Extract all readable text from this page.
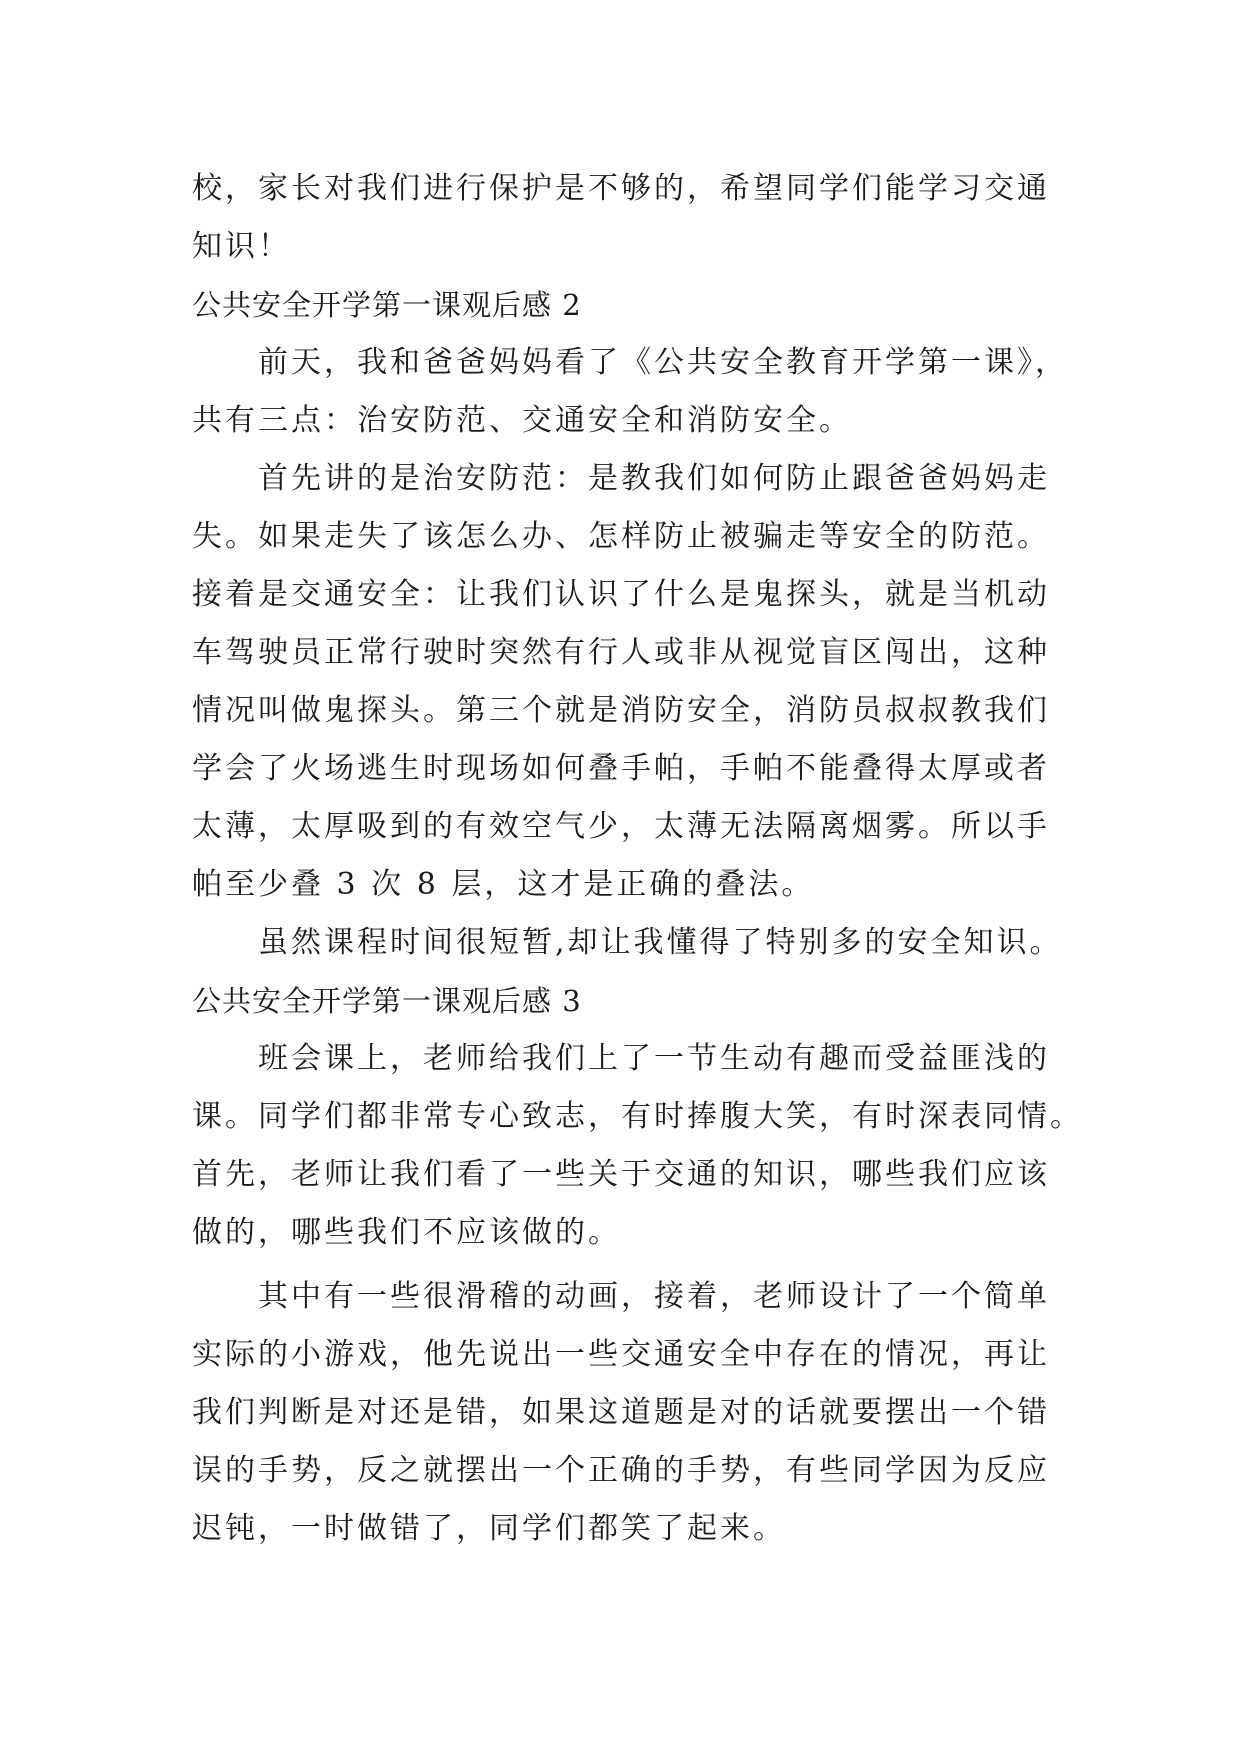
校，家长对我们进行保护是不够的，希望同学们能学习交通
知识！
公共安全开学第一课观后感 2
前天，我和爸爸妈妈看了《公共安全教育开学第一课》，
共有三点：治安防范、交通安全和消防安全。
首先讲的是治安防范：是教我们如何防止跟爸爸妈妈走
失。如果走失了该怎么办、怎样防止被骗走等安全的防范。
接着是交通安全：让我们认识了什么是鬼探头，就是当机动
车驾驶员正常行驶时突然有行人或非从视觉盲区闯出，这种
情况叫做鬼探头。第三个就是消防安全，消防员叔叔教我们
学会了火场逃生时现场如何叠手帕，手帕不能叠得太厚或者
太薄，太厚吸到的有效空气少，太薄无法隔离烟雾。所以手
帕至少叠 3 次 8 层，这才是正确的叠法。
虽然课程时间很短暂,却让我懂得了特别多的安全知识。
公共安全开学第一课观后感 3
班会课上，老师给我们上了一节生动有趣而受益匪浅的
课。同学们都非常专心致志，有时捧腹大笑，有时深表同情。
首先，老师让我们看了一些关于交通的知识，哪些我们应该
做的，哪些我们不应该做的。
其中有一些很滑稽的动画，接着，老师设计了一个简单
实际的小游戏，他先说出一些交通安全中存在的情况，再让
我们判断是对还是错，如果这道题是对的话就要摆出一个错
误的手势，反之就摆出一个正确的手势，有些同学因为反应
迟钝，一时做错了，同学们都笑了起来。
